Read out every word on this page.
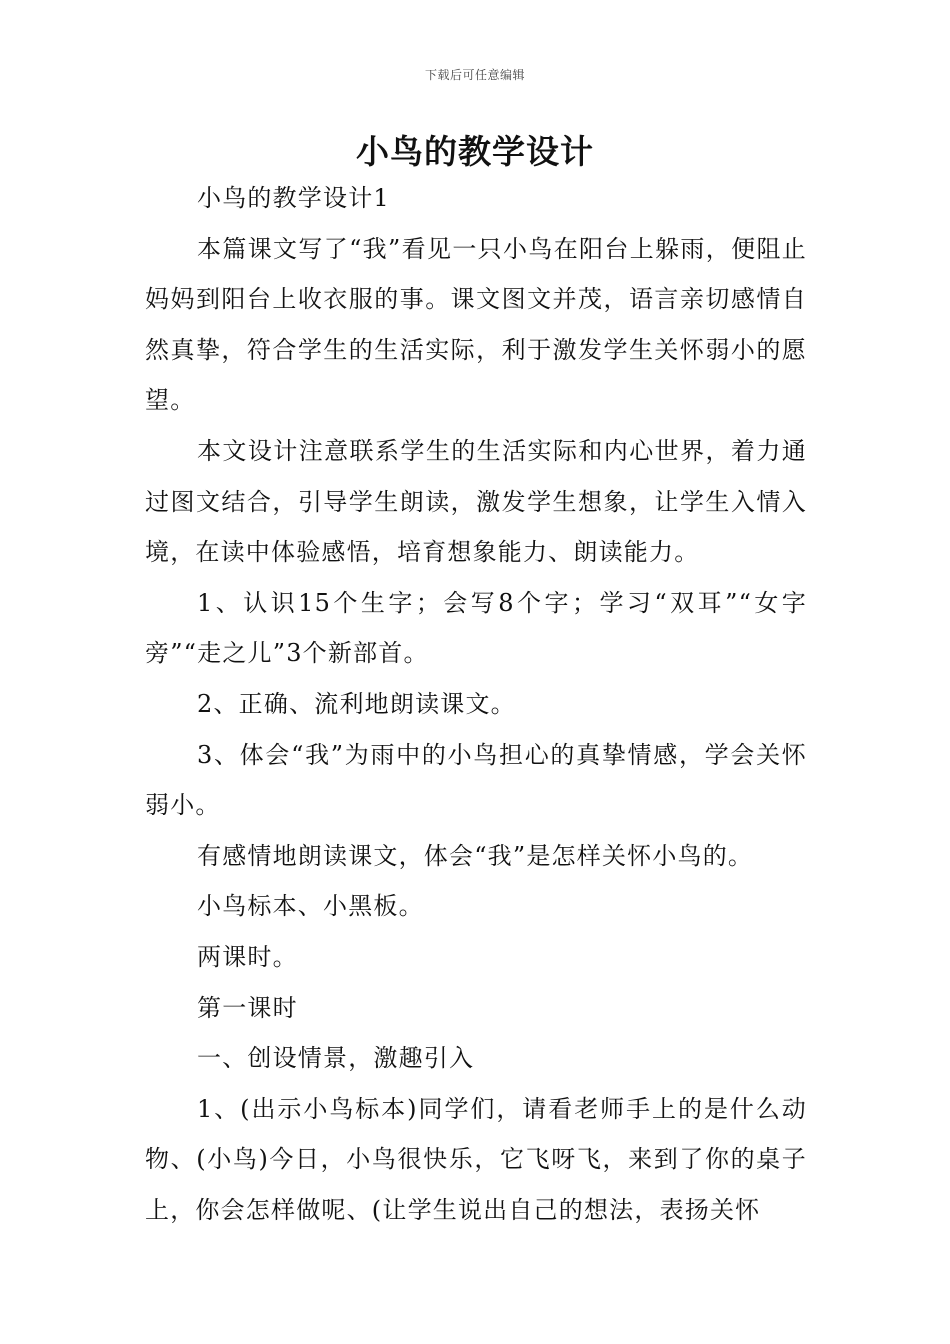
下载后可任意编辑
小鸟的教学设计

小鸟的教学设计1

本篇课文写了“我”看见一只小鸟在阳台上躲雨，便阻止妈妈到阳台上收衣服的事。课文图文并茂，语言亲切感情自然真挚，符合学生的生活实际，利于激发学生关怀弱小的愿望。

本文设计注意联系学生的生活实际和内心世界，着力通过图文结合，引导学生朗读，激发学生想象，让学生入情入境，在读中体验感悟，培育想象能力、朗读能力。

1、认识15个生字；会写8个字；学习“双耳”“女字旁”“走之儿”3个新部首。

2、正确、流利地朗读课文。

3、体会“我”为雨中的小鸟担心的真挚情感，学会关怀弱小。

有感情地朗读课文，体会“我”是怎样关怀小鸟的。

小鸟标本、小黑板。

两课时。

第一课时

一、创设情景，激趣引入

1、(出示小鸟标本)同学们，请看老师手上的是什么动物、(小鸟)今日，小鸟很快乐，它飞呀飞，来到了你的桌子上，你会怎样做呢、(让学生说出自己的想法，表扬关怀
